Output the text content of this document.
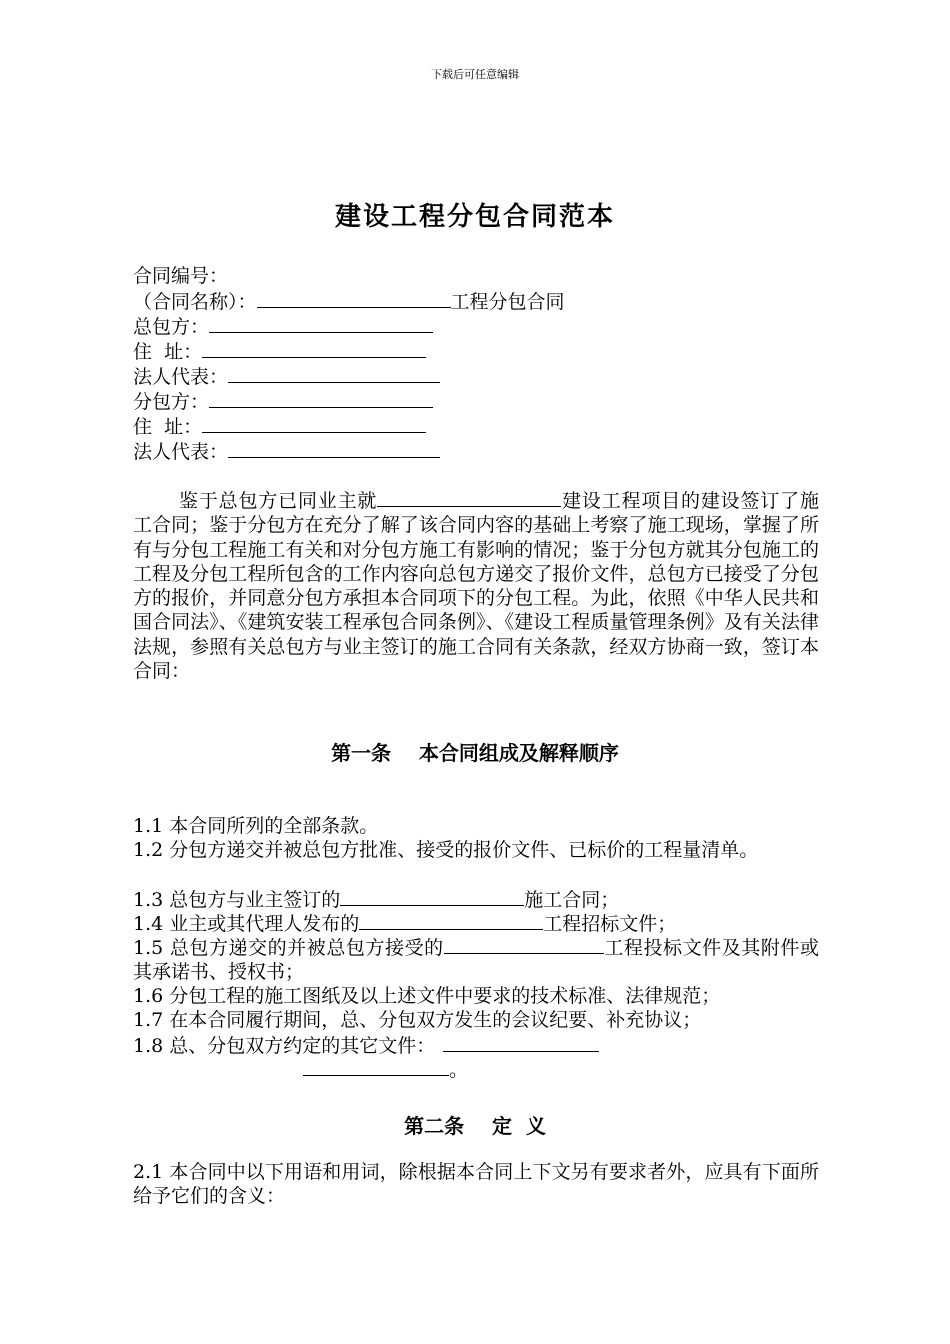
下载后可任意编辑
建设工程分包合同范本
合同编号：
（合同名称）：	工程分包合同
总包方：
住  址：
法人代表：
分包方：
住  址：
法人代表：

鉴于总包方已同业主就	建设工程项目的建设签订了施工合同；鉴于分包方在充分了解了该合同内容的基础上考察了施工现场，掌握了所有与分包工程施工有关和对分包方施工有影响的情况；鉴于分包方就其分包施工的工程及分包工程所包含的工作内容向总包方递交了报价文件，总包方已接受了分包方的报价，并同意分包方承担本合同项下的分包工程。为此，依照《中华人民共和国合同法》、《建筑安装工程承包合同条例》、《建设工程质量管理条例》及有关法律法规，参照有关总包方与业主签订的施工合同有关条款，经双方协商一致，签订本合同：

第一条    本合同组成及解释顺序
1.1 本合同所列的全部条款。

1.2 分包方递交并被总包方批准、接受的报价文件、已标价的工程量清单。

1.3 总包方与业主签订的	施工合同；
1.4 业主或其代理人发布的	工程招标文件；

1.5 总包方递交的并被总包方接受的	工程投标文件及其附件或其承诺书、授权书；

1.6 分包工程的施工图纸及以上述文件中要求的技术标准、法律规范；
1.7 在本合同履行期间，总、分包双方发生的会议纪要、补充协议；
1.8 总、分包双方约定的其它文件：
。
第二条    定  义

2.1 本合同中以下用语和用词，除根据本合同上下文另有要求者外，应具有下面所给予它们的含义：
